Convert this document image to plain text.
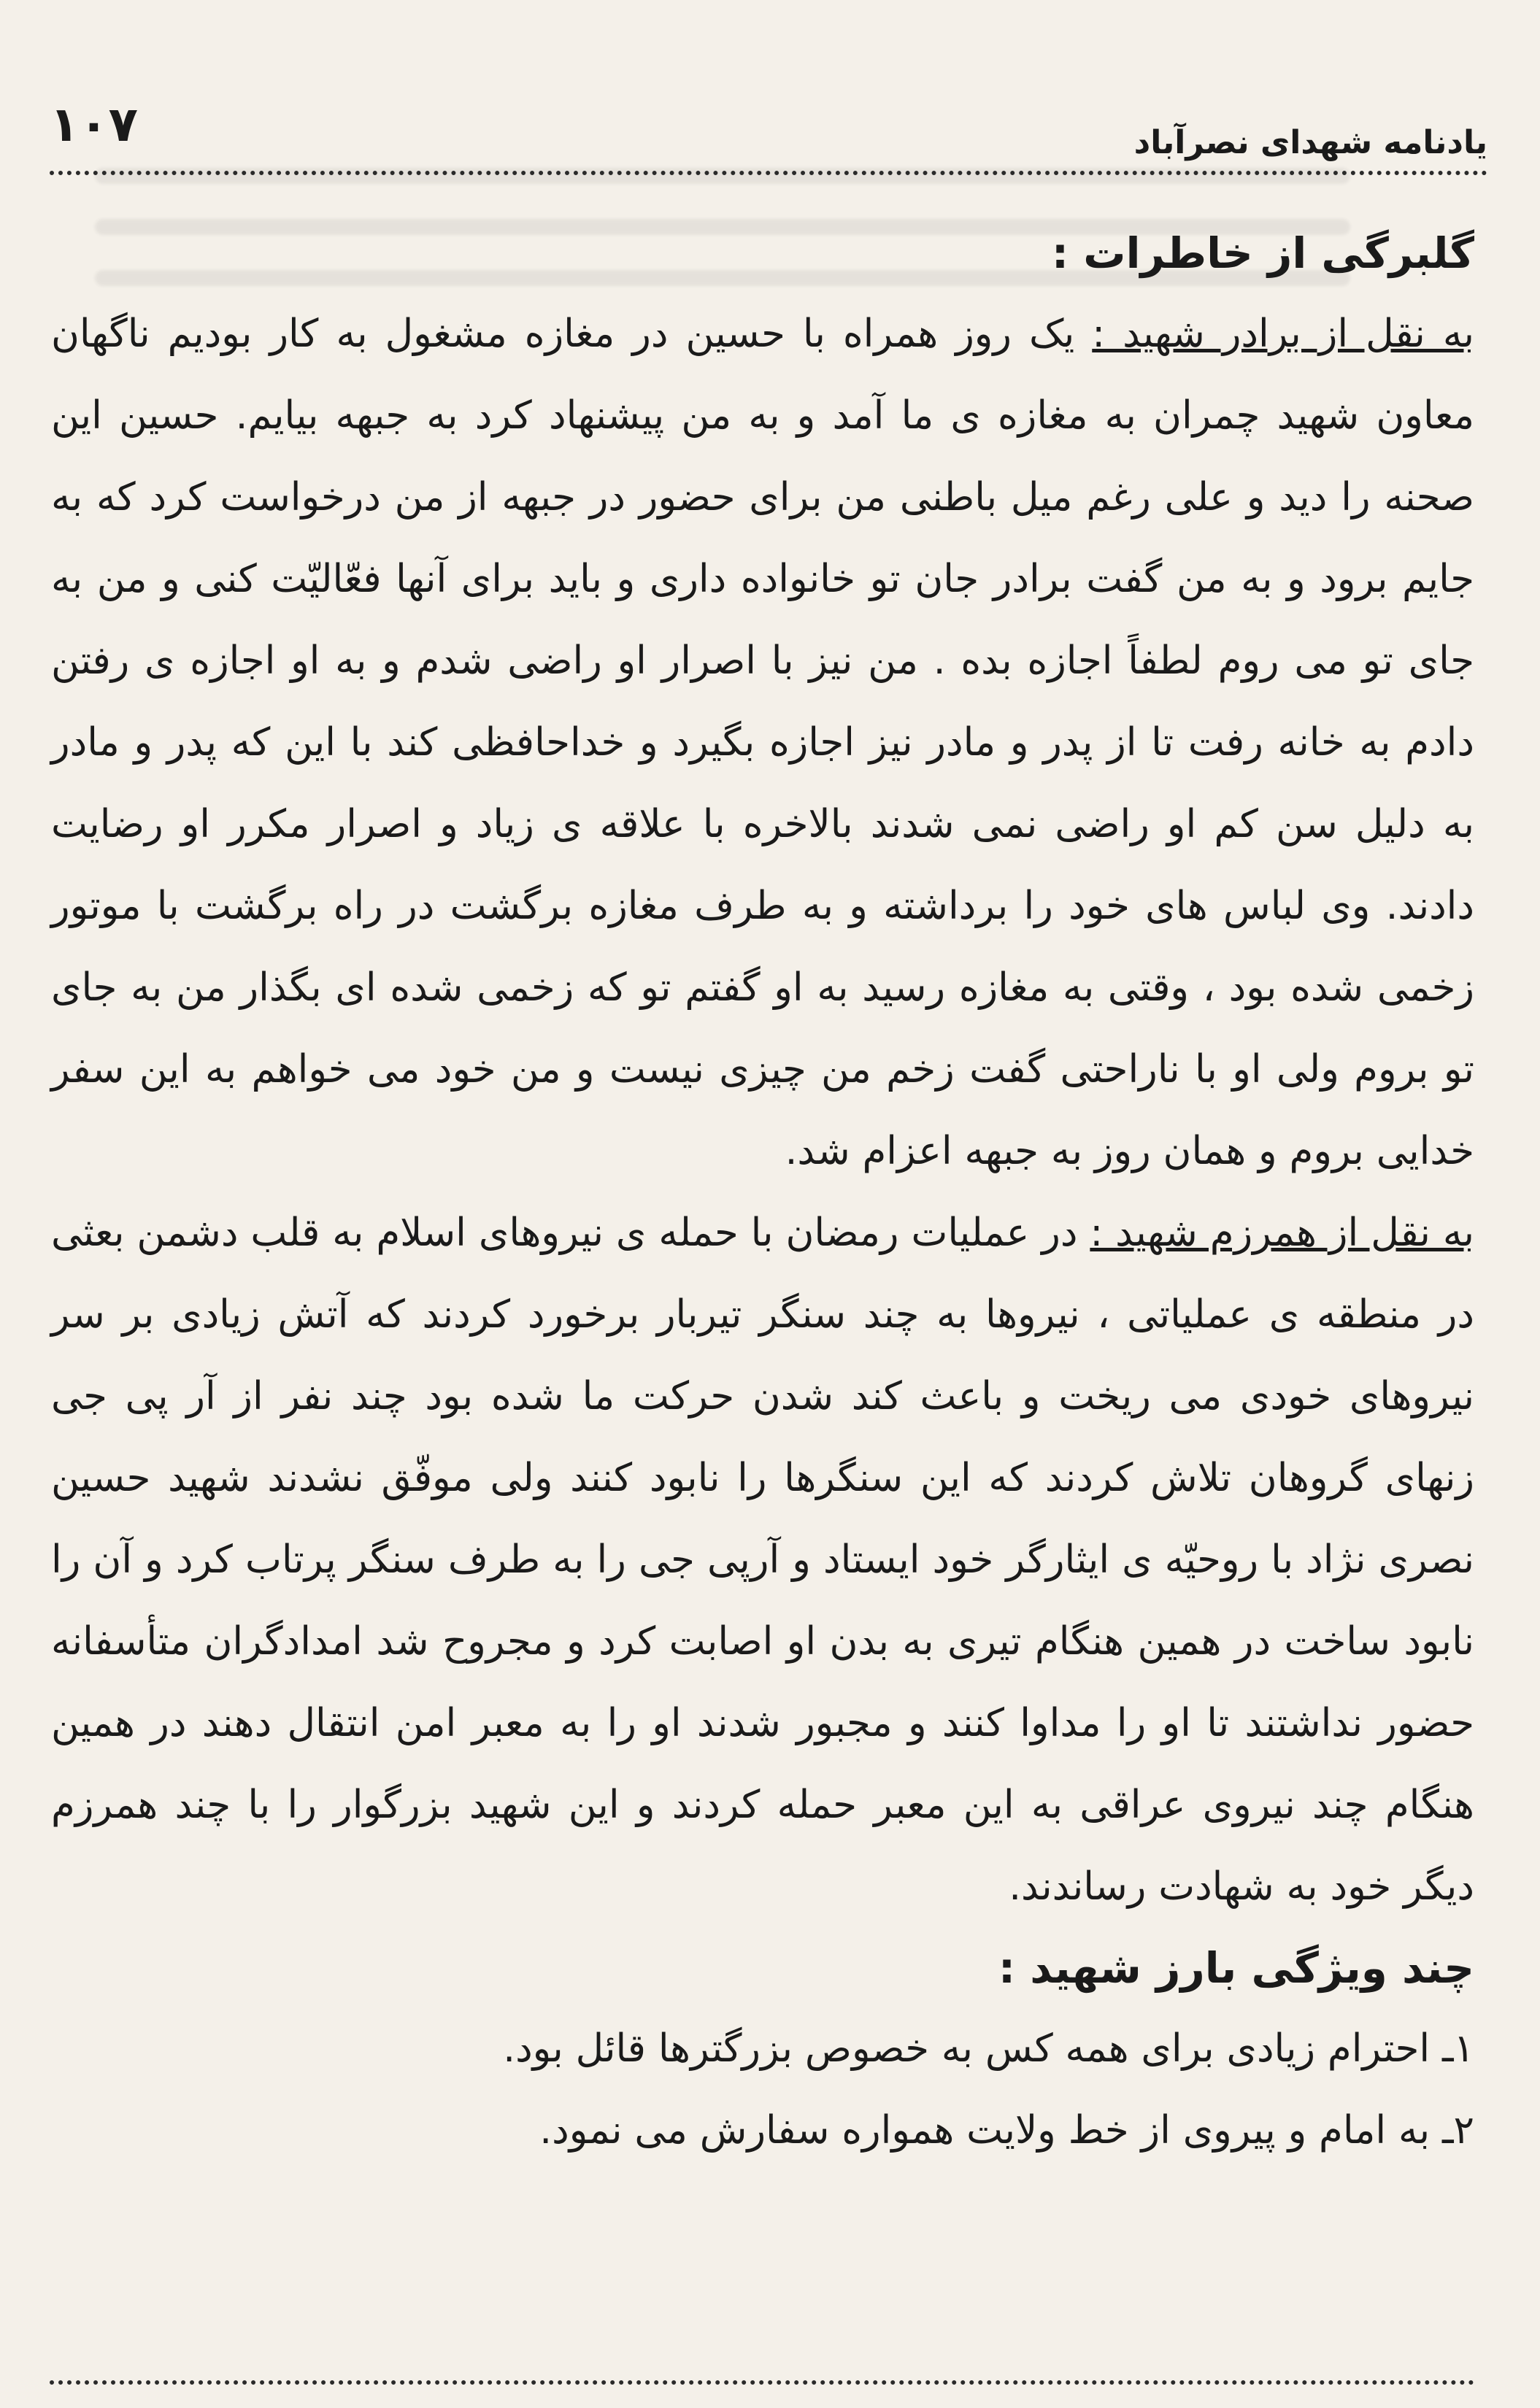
۱۰۷	یادنامه شهدای نصرآباد
گلبرگی از خاطرات :

به نقل از برادر شهید : یک روز همراه با حسین در مغازه مشغول به کار بودیم ناگهان معاون شهید چمران به مغازه ی ما آمد و به من پیشنهاد کرد به جبهه بیایم. حسین این صحنه را دید و علی رغم میل باطنی من برای حضور در جبهه از من درخواست کرد که به جایم برود و به من گفت برادر جان تو خانواده داری و باید برای آنها فعّالیّت کنی و من به جای تو می روم لطفاً اجازه بده . من نیز با اصرار او راضی شدم و به او اجازه ی رفتن دادم به خانه رفت تا از پدر و مادر نیز اجازه بگیرد و خداحافظی کند با این که پدر و مادر به دلیل سن کم او راضی نمی شدند بالاخره با علاقه ی زیاد و اصرار مکرر او رضایت دادند. وی لباس های خود را برداشته و به طرف مغازه برگشت در راه برگشت با موتور زخمی شده بود ، وقتی به مغازه رسید به او گفتم تو که زخمی شده ای بگذار من به جای تو بروم ولی او با ناراحتی گفت زخم من چیزی نیست و من خود می خواهم به این سفر خدایی بروم و همان روز به جبهه اعزام شد.

به نقل از همرزم شهید : در عملیات رمضان با حمله ی نیروهای اسلام به قلب دشمن بعثی در منطقه ی عملیاتی ، نیروها به چند سنگر تیربار برخورد کردند که آتش زیادی بر سر نیروهای خودی می ریخت و باعث کند شدن حرکت ما شده بود چند نفر از آر پی جی زنهای گروهان تلاش کردند که این سنگرها را نابود کنند ولی موفّق نشدند شهید حسین نصری نژاد با روحیّه ی ایثارگر خود ایستاد و آرپی جی را به طرف سنگر پرتاب کرد و آن را نابود ساخت در همین هنگام تیری به بدن او اصابت کرد و مجروح شد امدادگران متأسفانه حضور نداشتند تا او را مداوا کنند و مجبور شدند او را به معبر امن انتقال دهند در همین هنگام چند نیروی عراقی به این معبر حمله کردند و این شهید بزرگوار را با چند همرزم دیگر خود به شهادت رساندند.

چند ویژگی بارز شهید :
۱ـ احترام زیادی برای همه کس به خصوص بزرگترها قائل بود.
۲ـ به امام و پیروی از خط ولایت همواره سفارش می نمود.
